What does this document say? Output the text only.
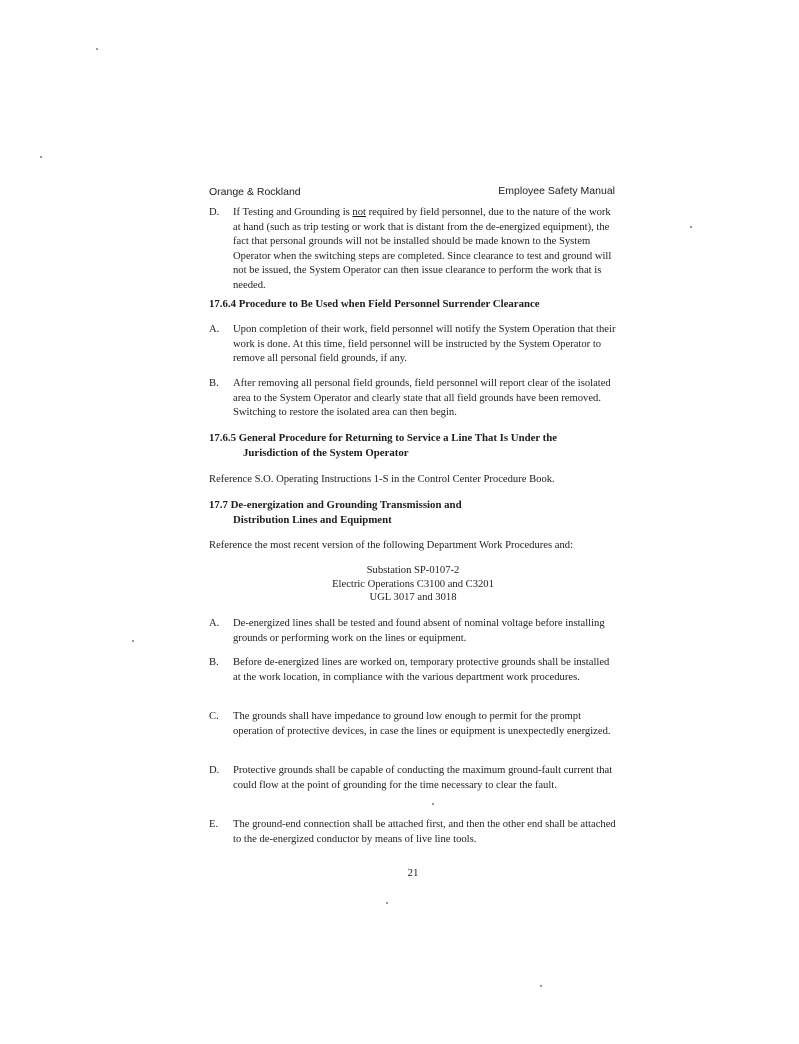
Orange & Rockland	Employee Safety Manual
D. If Testing and Grounding is not required by field personnel, due to the nature of the work at hand (such as trip testing or work that is distant from the de-energized equipment), the fact that personal grounds will not be installed should be made known to the System Operator when the switching steps are completed. Since clearance to test and ground will not be issued, the System Operator can then issue clearance to perform the work that is needed.
17.6.4 Procedure to Be Used when Field Personnel Surrender Clearance
A. Upon completion of their work, field personnel will notify the System Operation that their work is done. At this time, field personnel will be instructed by the System Operator to remove all personal field grounds, if any.
B. After removing all personal field grounds, field personnel will report clear of the isolated area to the System Operator and clearly state that all field grounds have been removed. Switching to restore the isolated area can then begin.
17.6.5 General Procedure for Returning to Service a Line That Is Under the
Jurisdiction of the System Operator
Reference S.O. Operating Instructions 1-S in the Control Center Procedure Book.
17.7 De-energization and Grounding Transmission and
Distribution Lines and Equipment
Reference the most recent version of the following Department Work Procedures and:
Substation SP-0107-2
Electric Operations C3100 and C3201
UGL 3017 and 3018
A. De-energized lines shall be tested and found absent of nominal voltage before installing grounds or performing work on the lines or equipment.
B. Before de-energized lines are worked on, temporary protective grounds shall be installed at the work location, in compliance with the various department work procedures.
C. The grounds shall have impedance to ground low enough to permit for the prompt operation of protective devices, in case the lines or equipment is unexpectedly energized.
D. Protective grounds shall be capable of conducting the maximum ground-fault current that could flow at the point of grounding for the time necessary to clear the fault.
E. The ground-end connection shall be attached first, and then the other end shall be attached to the de-energized conductor by means of live line tools.
21
